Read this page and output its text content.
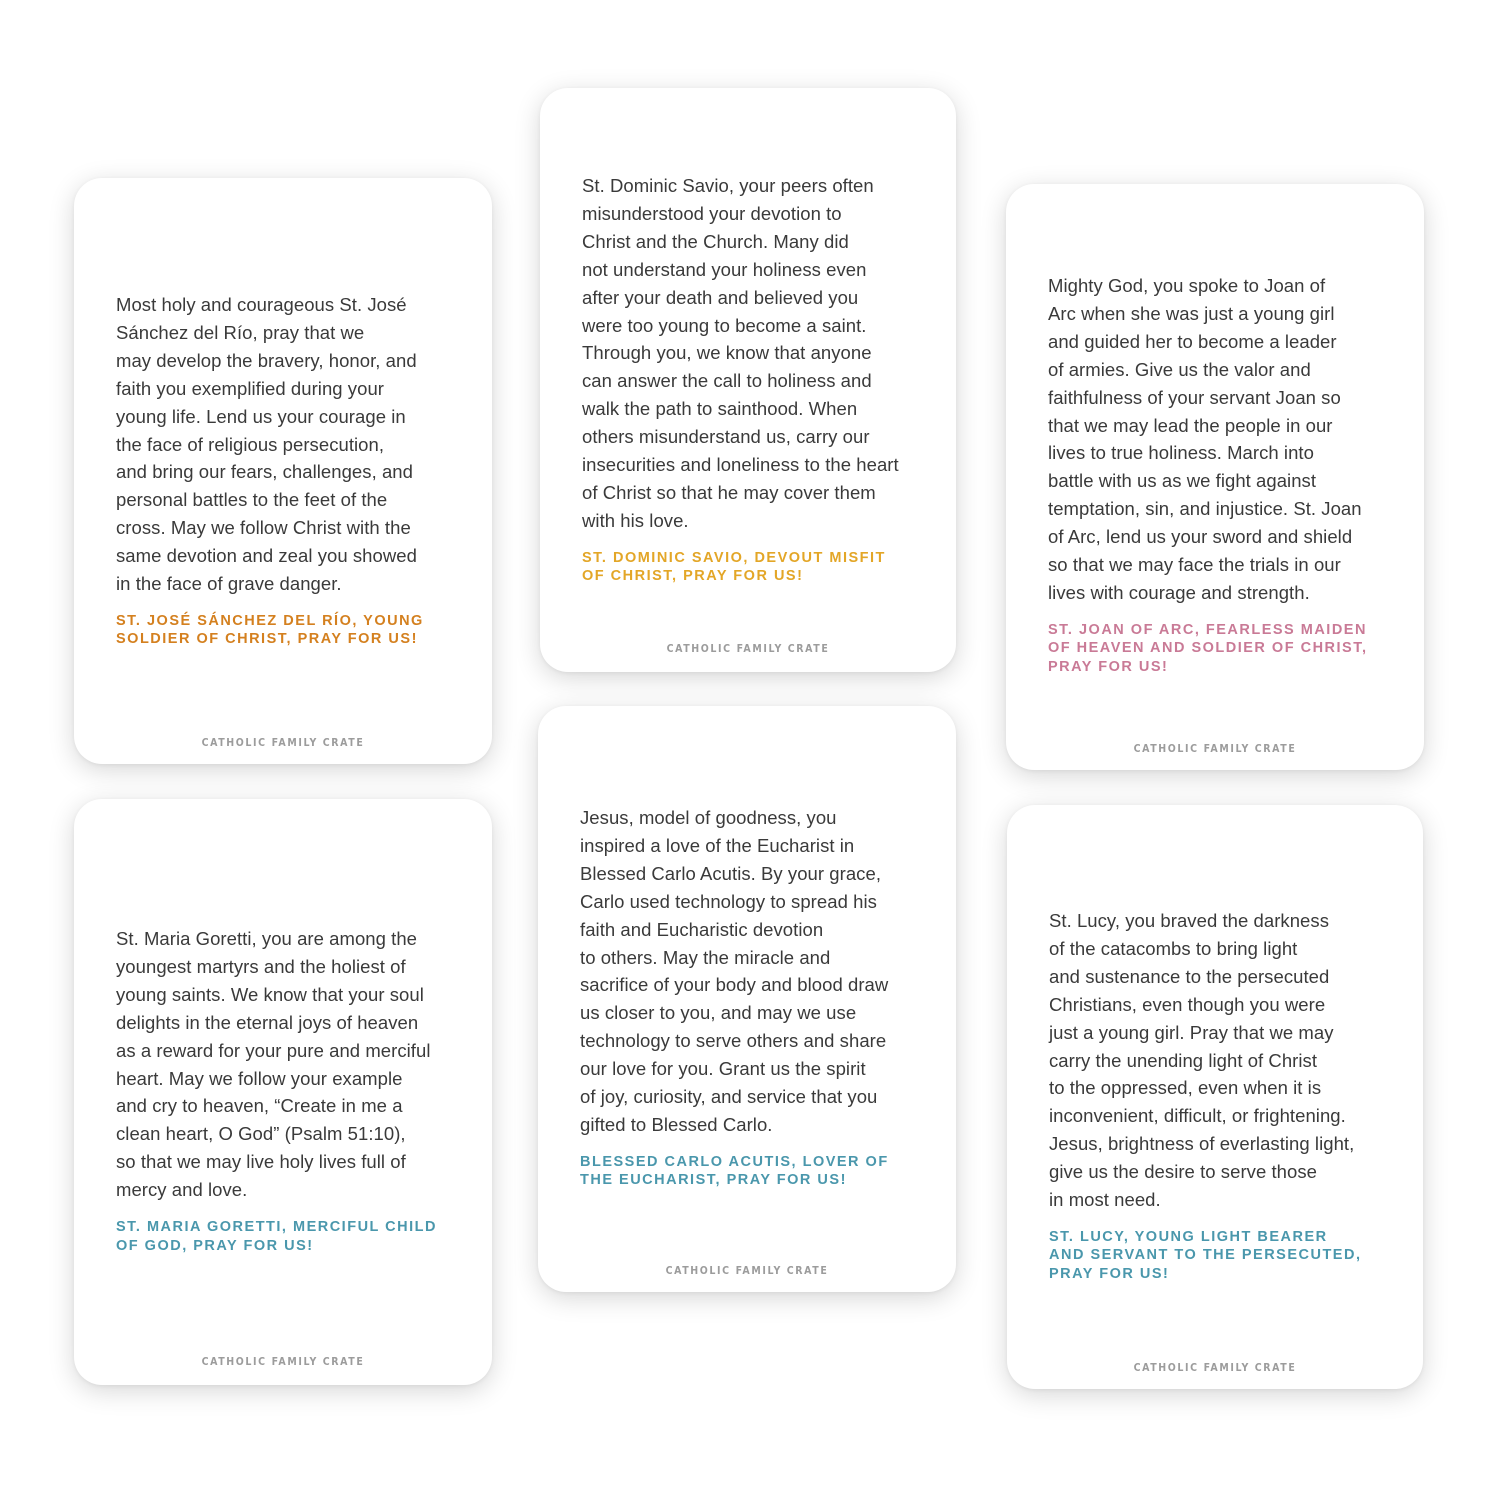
Most holy and courageous St. José
Sánchez del Río, pray that we
may develop the bravery, honor, and
faith you exemplified during your
young life. Lend us your courage in
the face of religious persecution,
and bring our fears, challenges, and
personal battles to the feet of the
cross. May we follow Christ with the
same devotion and zeal you showed
in the face of grave danger.

ST. JOSÉ SÁNCHEZ DEL RÍO, YOUNG
SOLDIER OF CHRIST, PRAY FOR US!

CATHOLIC FAMILY CRATE

St. Dominic Savio, your peers often
misunderstood your devotion to
Christ and the Church. Many did
not understand your holiness even
after your death and believed you
were too young to become a saint.
Through you, we know that anyone
can answer the call to holiness and
walk the path to sainthood. When
others misunderstand us, carry our
insecurities and loneliness to the heart
of Christ so that he may cover them
with his love.

ST. DOMINIC SAVIO, DEVOUT MISFIT
OF CHRIST, PRAY FOR US!

CATHOLIC FAMILY CRATE

Mighty God, you spoke to Joan of
Arc when she was just a young girl
and guided her to become a leader
of armies. Give us the valor and
faithfulness of your servant Joan so
that we may lead the people in our
lives to true holiness. March into
battle with us as we fight against
temptation, sin, and injustice. St. Joan
of Arc, lend us your sword and shield
so that we may face the trials in our
lives with courage and strength.

ST. JOAN OF ARC, FEARLESS MAIDEN
OF HEAVEN AND SOLDIER OF CHRIST,
PRAY FOR US!

CATHOLIC FAMILY CRATE

St. Maria Goretti, you are among the
youngest martyrs and the holiest of
young saints. We know that your soul
delights in the eternal joys of heaven
as a reward for your pure and merciful
heart. May we follow your example
and cry to heaven, “Create in me a
clean heart, O God” (Psalm 51:10),
so that we may live holy lives full of
mercy and love.

ST. MARIA GORETTI, MERCIFUL CHILD
OF GOD, PRAY FOR US!

CATHOLIC FAMILY CRATE

Jesus, model of goodness, you
inspired a love of the Eucharist in
Blessed Carlo Acutis. By your grace,
Carlo used technology to spread his
faith and Eucharistic devotion
to others. May the miracle and
sacrifice of your body and blood draw
us closer to you, and may we use
technology to serve others and share
our love for you. Grant us the spirit
of joy, curiosity, and service that you
gifted to Blessed Carlo.

BLESSED CARLO ACUTIS, LOVER OF
THE EUCHARIST, PRAY FOR US!

CATHOLIC FAMILY CRATE

St. Lucy, you braved the darkness
of the catacombs to bring light
and sustenance to the persecuted
Christians, even though you were
just a young girl. Pray that we may
carry the unending light of Christ
to the oppressed, even when it is
inconvenient, difficult, or frightening.
Jesus, brightness of everlasting light,
give us the desire to serve those
in most need.

ST. LUCY, YOUNG LIGHT BEARER
AND SERVANT TO THE PERSECUTED,
PRAY FOR US!

CATHOLIC FAMILY CRATE
